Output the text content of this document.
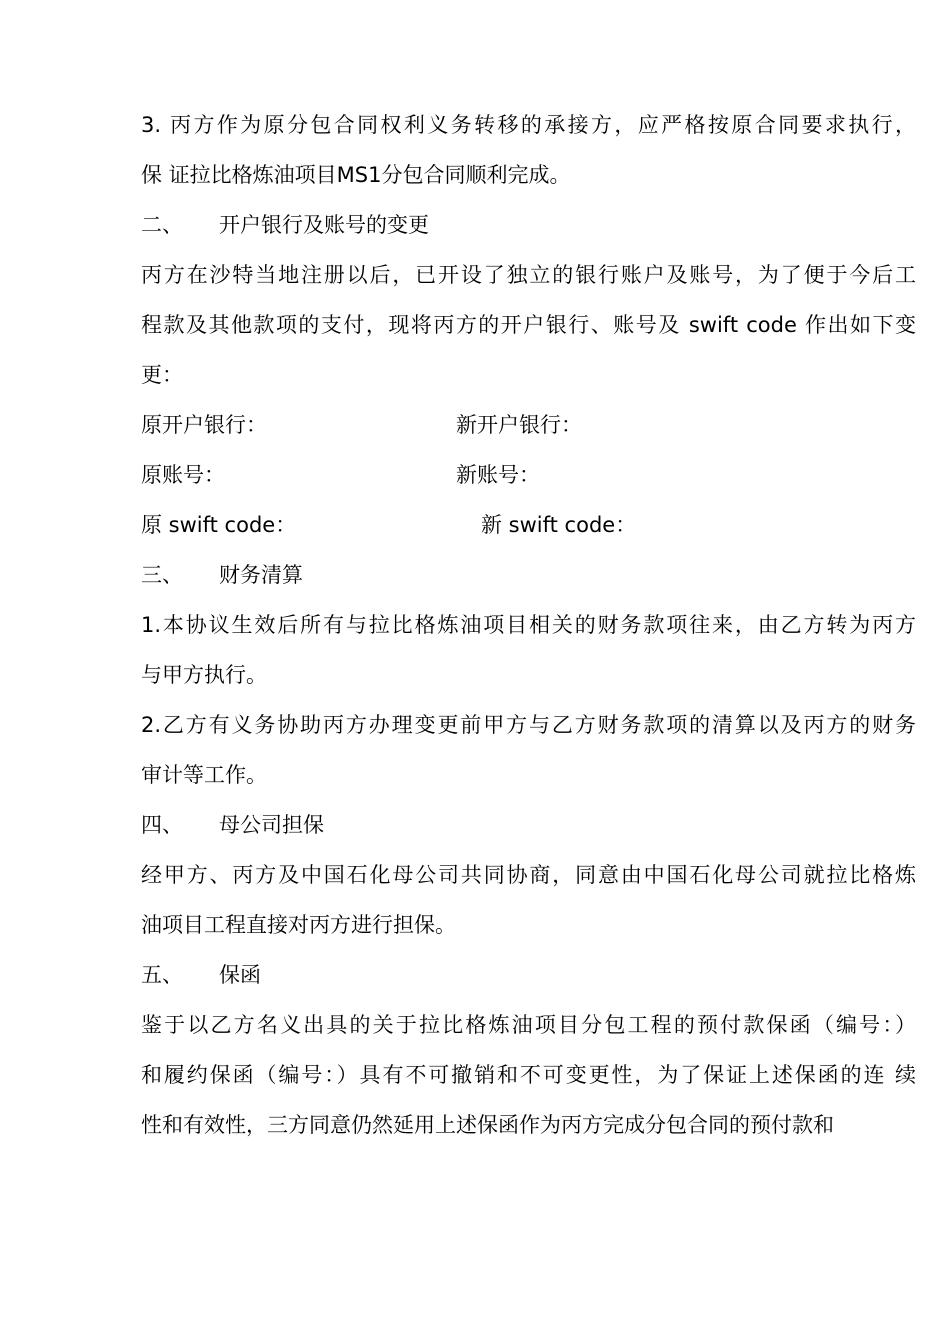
3. 丙方作为原分包合同权利义务转移的承接方，应严格按原合同要求执行，
保 证拉比格炼油项目MS1分包合同顺利完成。
二、 开户银行及账号的变更
丙方在沙特当地注册以后，已开设了独立的银行账户及账号，为了便于今后工
程款及其他款项的支付，现将丙方的开户银行、账号及 swift code 作出如下变
更：
原开户银行：	新开户银行：
原账号：	新账号：
原 swift code：	新 swift code：
三、 财务清算
1.本协议生效后所有与拉比格炼油项目相关的财务款项往来，由乙方转为丙方
与甲方执行。
2.乙方有义务协助丙方办理变更前甲方与乙方财务款项的清算以及丙方的财务
审计等工作。
四、 母公司担保
经甲方、丙方及中国石化母公司共同协商，同意由中国石化母公司就拉比格炼
油项目工程直接对丙方进行担保。
五、 保函
鉴于以乙方名义出具的关于拉比格炼油项目分包工程的预付款保函（编号：）
和履约保函（编号：）具有不可撤销和不可变更性，为了保证上述保函的连 续
性和有效性，三方同意仍然延用上述保函作为丙方完成分包合同的预付款和
